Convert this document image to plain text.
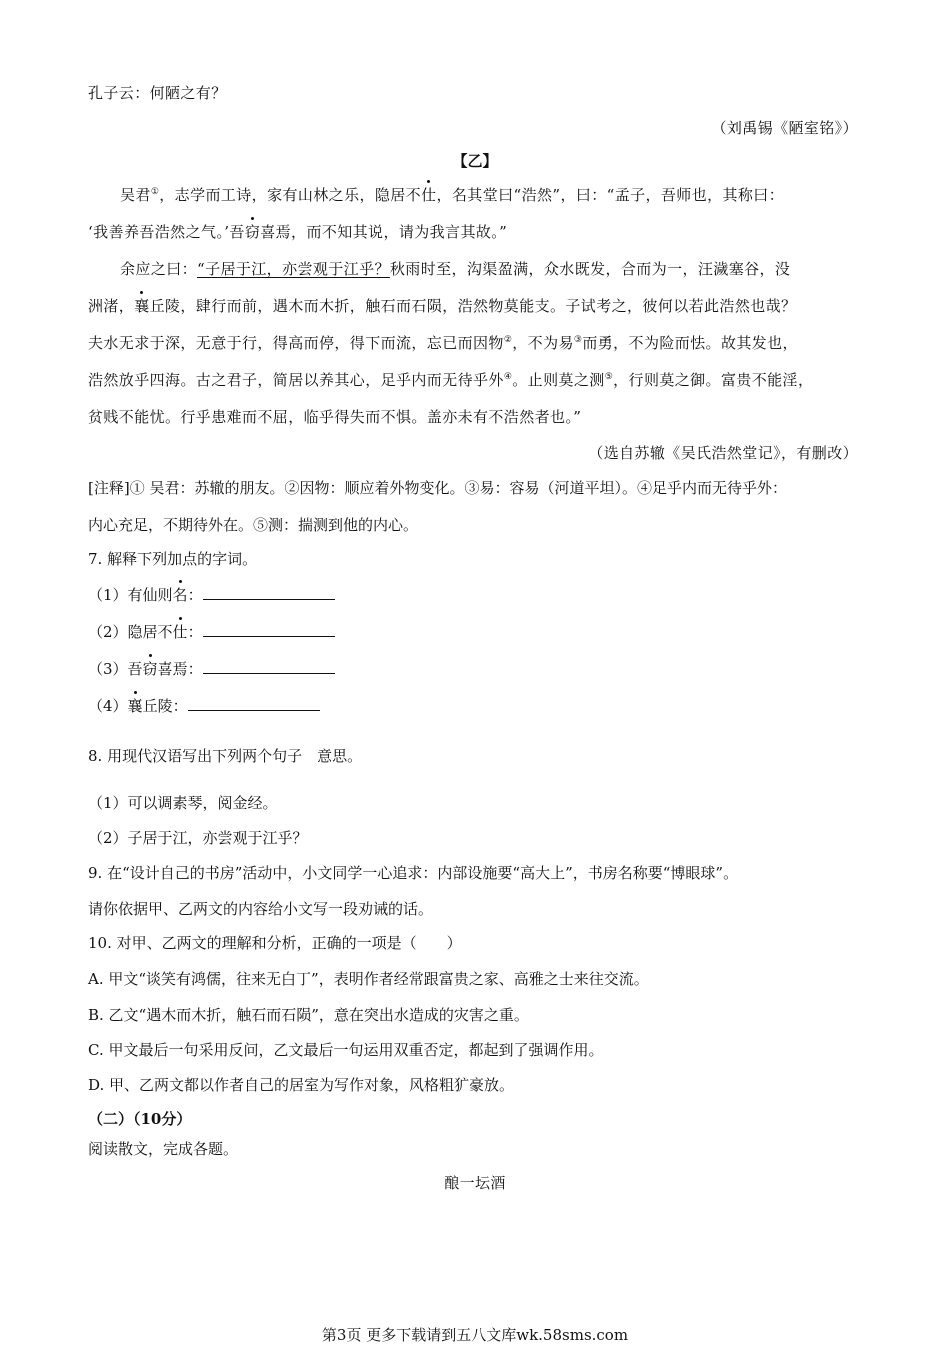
孔子云：何陋之有？
（刘禹锡《陋室铭》）
【乙】
吴君①，志学而工诗，家有山林之乐，隐居不仕，名其堂曰“浩然”，曰：“孟子，吾师也，其称曰：
‘我善养吾浩然之气。’吾窃喜焉，而不知其说，请为我言其故。”
余应之曰：“子居于江，亦尝观于江乎？秋雨时至，沟渠盈满，众水既发，合而为一，汪濊塞谷，没
洲渚，襄丘陵，肆行而前，遇木而木折，触石而石陨，浩然物莫能支。子试考之，彼何以若此浩然也哉？
夫水无求于深，无意于行，得高而停，得下而流，忘已而因物②，不为易③而勇，不为险而怯。故其发也，
浩然放乎四海。古之君子，简居以养其心，足乎内而无待乎外④。止则莫之测⑤，行则莫之御。富贵不能淫，
贫贱不能忧。行乎患难而不屈，临乎得失而不惧。盖亦未有不浩然者也。”
（选自苏辙《吴氏浩然堂记》，有删改）
[注释]① 吴君：苏辙的朋友。②因物：顺应着外物变化。③易：容易（河道平坦）。④足乎内而无待乎外：
内心充足，不期待外在。⑤测：揣测到他的内心。
7. 解释下列加点的字词。
（1）有仙则名：
（2）隐居不仕：
（3）吾窃喜焉：
（4）襄丘陵：
8. 用现代汉语写出下列两个句子　意思。
（1）可以调素琴，阅金经。
（2）子居于江，亦尝观于江乎？
9. 在“设计自己的书房”活动中，小文同学一心追求：内部设施要“高大上”，书房名称要“博眼球”。
请你依据甲、乙两文的内容给小文写一段劝诫的话。
10. 对甲、乙两文的理解和分析，正确的一项是（　　）
A. 甲文“谈笑有鸿儒，往来无白丁”，表明作者经常跟富贵之家、高雅之士来往交流。
B. 乙文“遇木而木折，触石而石陨”，意在突出水造成的灾害之重。
C. 甲文最后一句采用反问，乙文最后一句运用双重否定，都起到了强调作用。
D. 甲、乙两文都以作者自己的居室为写作对象，风格粗犷豪放。
（二）（10分）
阅读散文，完成各题。
酿一坛酒
第3页 更多下载请到五八文库wk.58sms.com
